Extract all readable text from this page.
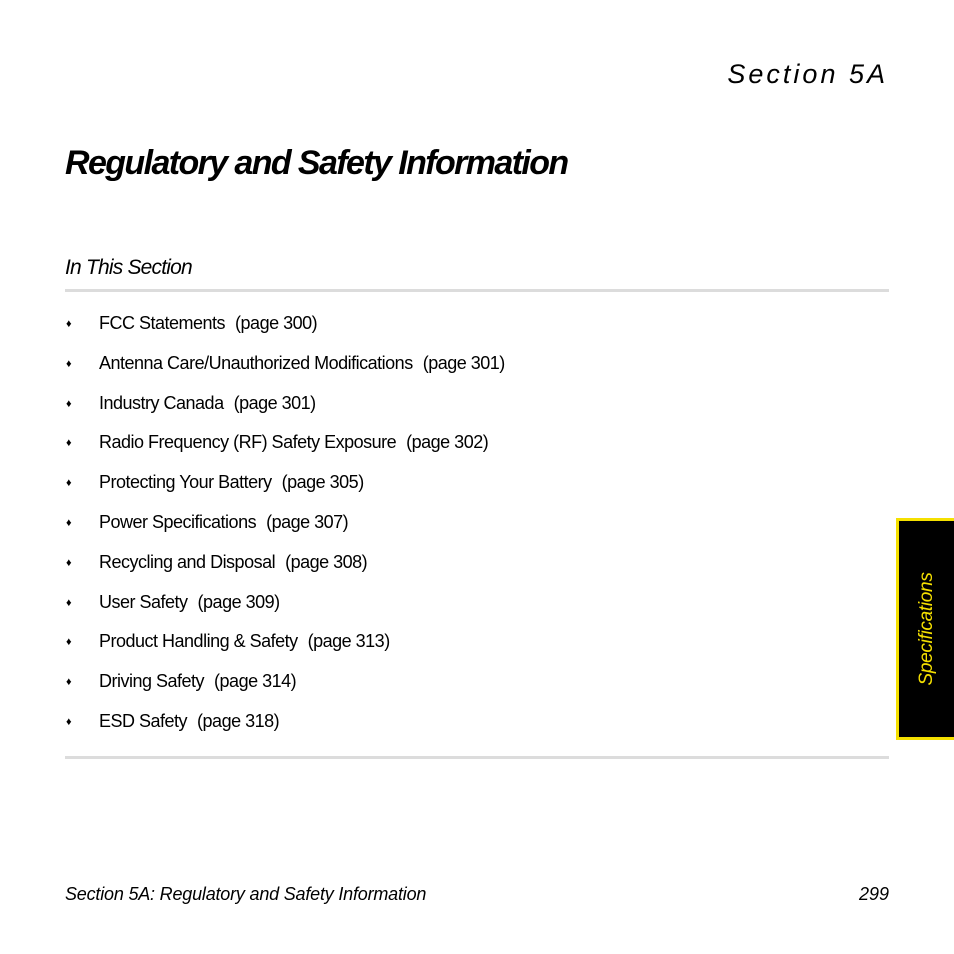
Section 5A
Regulatory and Safety Information
In This Section
♦	FCC Statements (page 300)
♦	Antenna Care/Unauthorized Modifications (page 301)
♦	Industry Canada (page 301)
♦	Radio Frequency (RF) Safety Exposure (page 302)
♦	Protecting Your Battery (page 305)
♦	Power Specifications (page 307)
♦	Recycling and Disposal (page 308)
♦	User Safety (page 309)
♦	Product Handling & Safety (page 313)
♦	Driving Safety (page 314)
♦	ESD Safety (page 318)
Specifications
Section 5A: Regulatory and Safety Information	299
